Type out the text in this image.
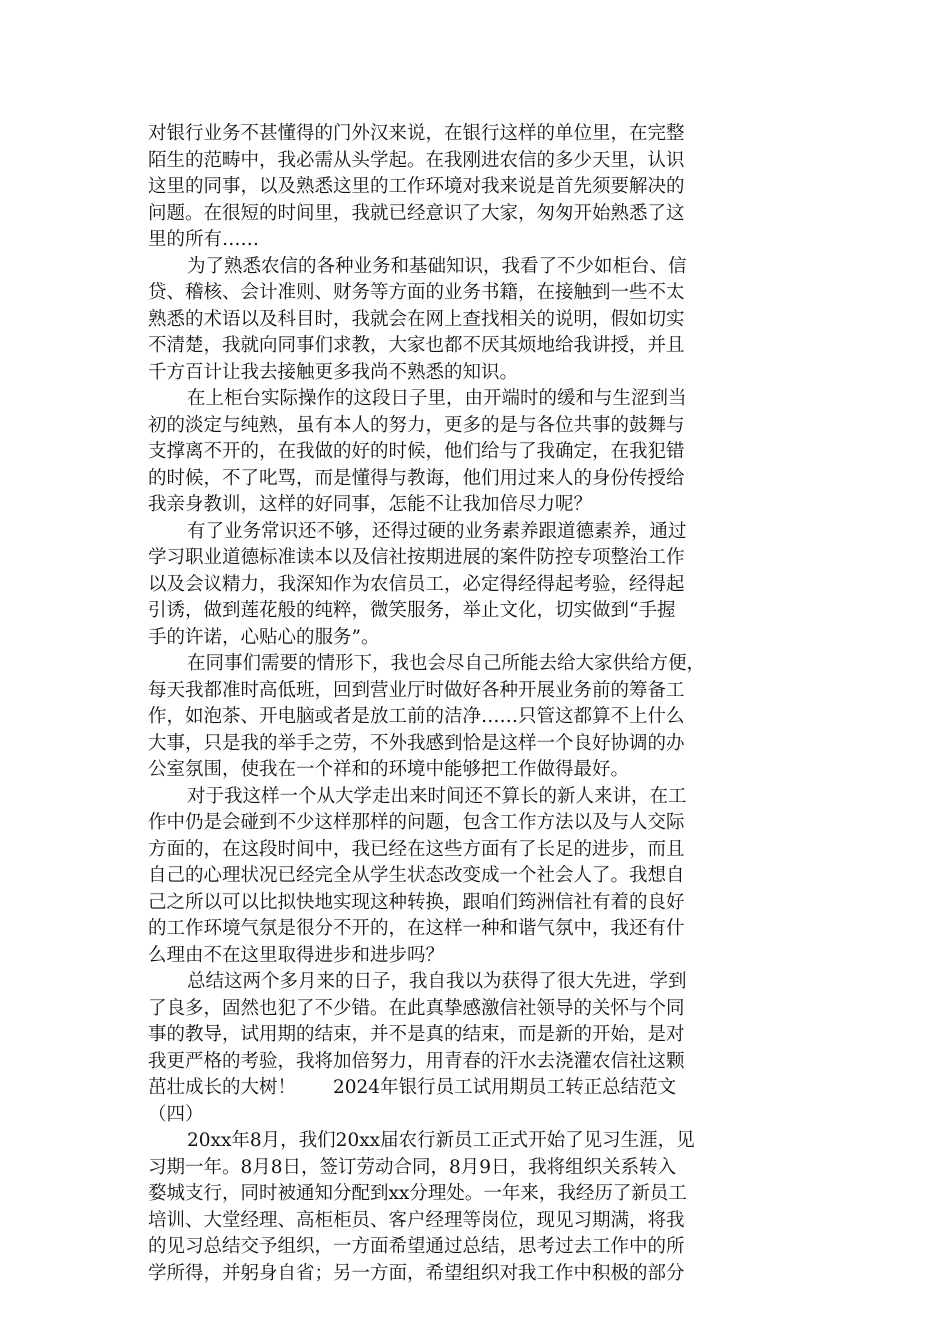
对银行业务不甚懂得的门外汉来说，在银行这样的单位里，在完整
陌生的范畴中，我必需从头学起。在我刚进农信的多少天里，认识
这里的同事，以及熟悉这里的工作环境对我来说是首先须要解决的
问题。在很短的时间里，我就已经意识了大家，匆匆开始熟悉了这
里的所有……
为了熟悉农信的各种业务和基础知识，我看了不少如柜台、信
贷、稽核、会计准则、财务等方面的业务书籍，在接触到一些不太
熟悉的术语以及科目时，我就会在网上查找相关的说明，假如切实
不清楚，我就向同事们求教，大家也都不厌其烦地给我讲授，并且
千方百计让我去接触更多我尚不熟悉的知识。
在上柜台实际操作的这段日子里，由开端时的缓和与生涩到当
初的淡定与纯熟，虽有本人的努力，更多的是与各位共事的鼓舞与
支撑离不开的，在我做的好的时候，他们给与了我确定，在我犯错
的时候，不了叱骂，而是懂得与教诲，他们用过来人的身份传授给
我亲身教训，这样的好同事，怎能不让我加倍尽力呢？
有了业务常识还不够，还得过硬的业务素养跟道德素养，通过
学习职业道德标准读本以及信社按期进展的案件防控专项整治工作
以及会议精力，我深知作为农信员工，必定得经得起考验，经得起
引诱，做到莲花般的纯粹，微笑服务，举止文化，切实做到“手握
手的许诺，心贴心的服务”。
在同事们需要的情形下，我也会尽自己所能去给大家供给方便，
每天我都准时高低班，回到营业厅时做好各种开展业务前的筹备工
作，如泡茶、开电脑或者是放工前的洁净……只管这都算不上什么
大事，只是我的举手之劳，不外我感到恰是这样一个良好协调的办
公室氛围，使我在一个祥和的环境中能够把工作做得最好。
对于我这样一个从大学走出来时间还不算长的新人来讲，在工
作中仍是会碰到不少这样那样的问题，包含工作方法以及与人交际
方面的，在这段时间中，我已经在这些方面有了长足的进步，而且
自己的心理状况已经完全从学生状态改变成一个社会人了。我想自
己之所以可以比拟快地实现这种转换，跟咱们筠洲信社有着的良好
的工作环境气氛是很分不开的，在这样一种和谐气氛中，我还有什
么理由不在这里取得进步和进步吗？
总结这两个多月来的日子，我自我以为获得了很大先进，学到
了良多，固然也犯了不少错。在此真挚感激信社领导的关怀与个同
事的教导，试用期的结束，并不是真的结束，而是新的开始，是对
我更严格的考验，我将加倍努力，用青春的汗水去浇灌农信社这颗
茁壮成长的大树！　　2024年银行员工试用期员工转正总结范文
（四）
20xx年8月，我们20xx届农行新员工正式开始了见习生涯，见
习期一年。8月8日，签订劳动合同，8月9日，我将组织关系转入
婺城支行，同时被通知分配到xx分理处。一年来，我经历了新员工
培训、大堂经理、高柜柜员、客户经理等岗位，现见习期满，将我
的见习总结交予组织，一方面希望通过总结，思考过去工作中的所
学所得，并躬身自省；另一方面，希望组织对我工作中积极的部分
